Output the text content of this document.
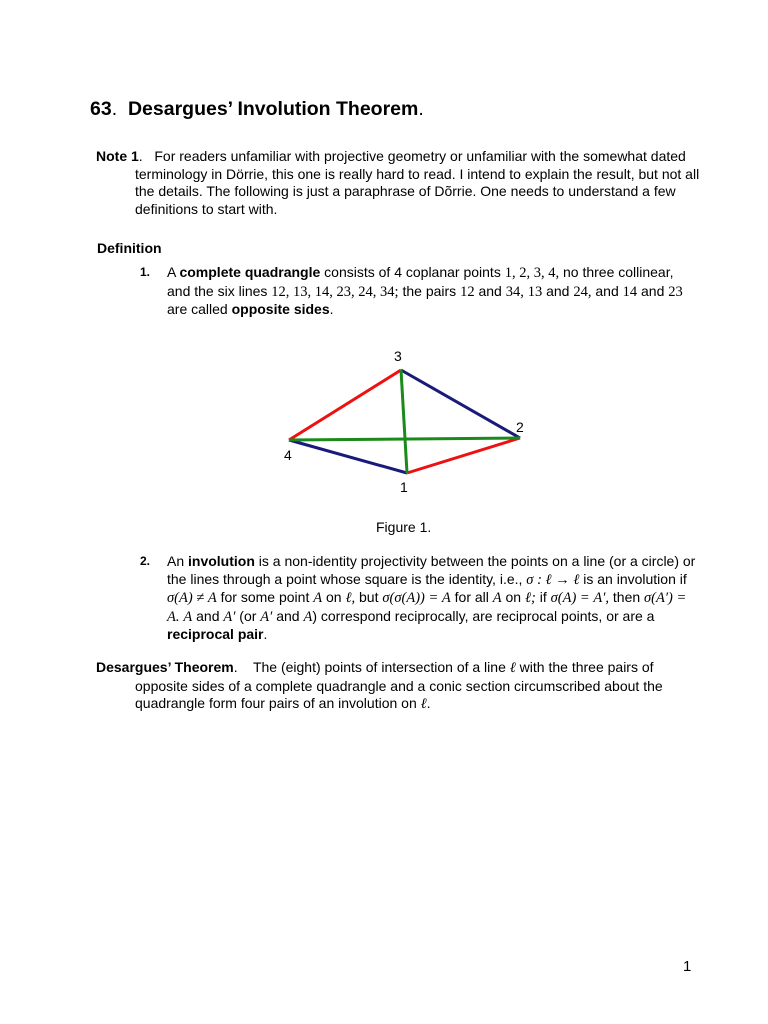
63. Desargues’ Involution Theorem.
Note 1.   For readers unfamiliar with projective geometry or unfamiliar with the somewhat dated terminology in Dörrie, this one is really hard to read. I intend to explain the result, but not all the details. The following is just a paraphrase of Dõrrie. One needs to understand a few definitions to start with.
Definition
1.	A complete quadrangle consists of 4 coplanar points 1, 2, 3, 4, no three collinear, and the six lines 12, 13, 14, 23, 24, 34; the pairs 12 and 34, 13 and 24, and 14 and 23 are called opposite sides.
3
2
4
1
Figure 1.
2.	An involution is a non-identity projectivity between the points on a line (or a circle) or the lines through a point whose square is the identity, i.e., σ : ℓ → ℓ is an involution if σ(A) ≠ A for some point A on ℓ, but σ(σ(A)) = A for all A on ℓ; if σ(A) = A′, then σ(A′) = A. A and A′ (or A′ and A) correspond reciprocally, are reciprocal points, or are a reciprocal pair.
Desargues’ Theorem.    The (eight) points of intersection of a line ℓ with the three pairs of opposite sides of a complete quadrangle and a conic section circumscribed about the quadrangle form four pairs of an involution on ℓ.
1
